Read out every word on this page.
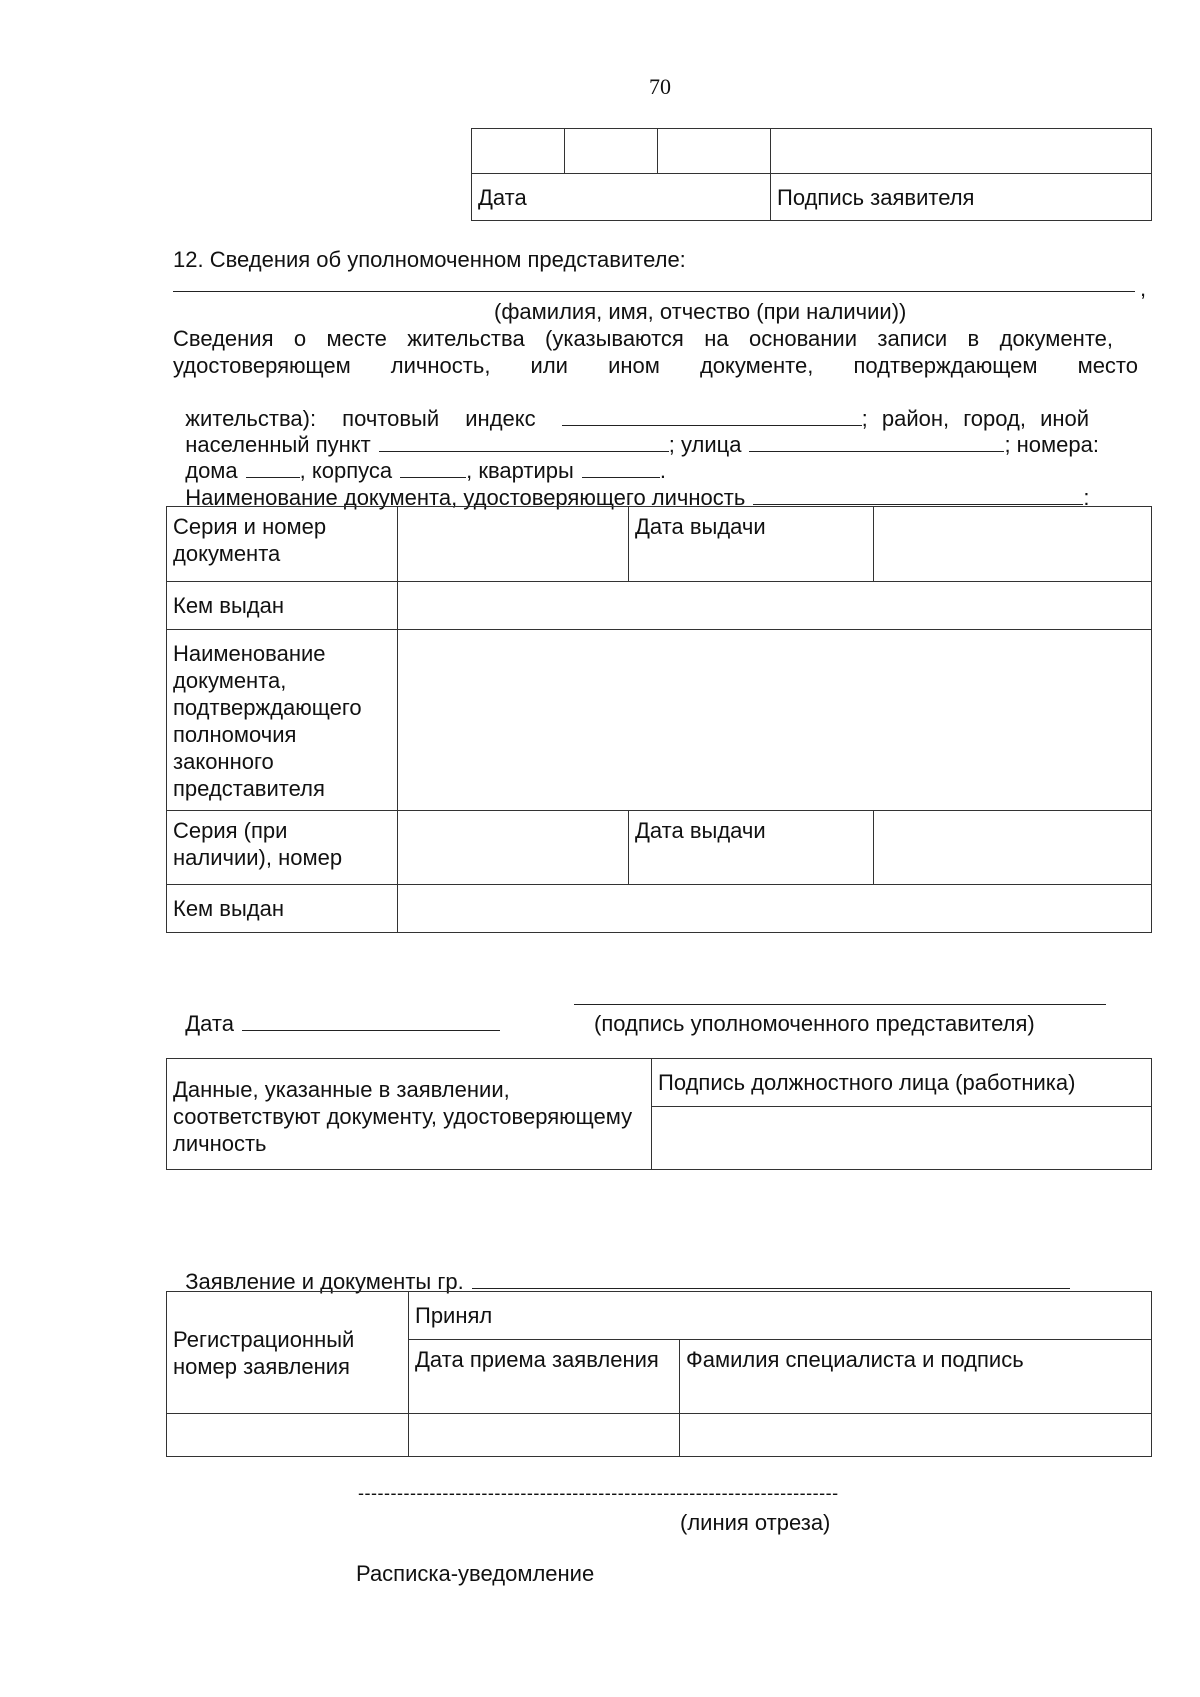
70

Дата			Подпись заявителя
12. Сведения об уполномоченном представителе:
,
(фамилия, имя, отчество (при наличии))
Сведения о месте жительства (указываются на основании записи в документе,
удостоверяющем личность, или ином документе, подтверждающем место

жительства): почтовый индекс	; район, город, иной

населенный пункт	; улица	; номера:

дома	, корпуса	, квартиры	.

Наименование документа, удостоверяющего личность	:

Серия и номер документа		Дата выдачи	
Кем выдан			
Наименование документа, подтверждающего полномочия законного представителя			
Серия (при наличии), номер		Дата выдачи	
Кем выдан			

Дата	(подпись уполномоченного представителя)
Данные, указанные в заявлении, соответствуют документу, удостоверяющему личность	Подпись должностного лица (работника)

Заявление и документы гр.

Регистрационный номер заявления	Принял	
	Дата приема заявления	Фамилия специалиста и подпись

--------------------------------------------------------------------------
(линия отреза)
Расписка-уведомление
